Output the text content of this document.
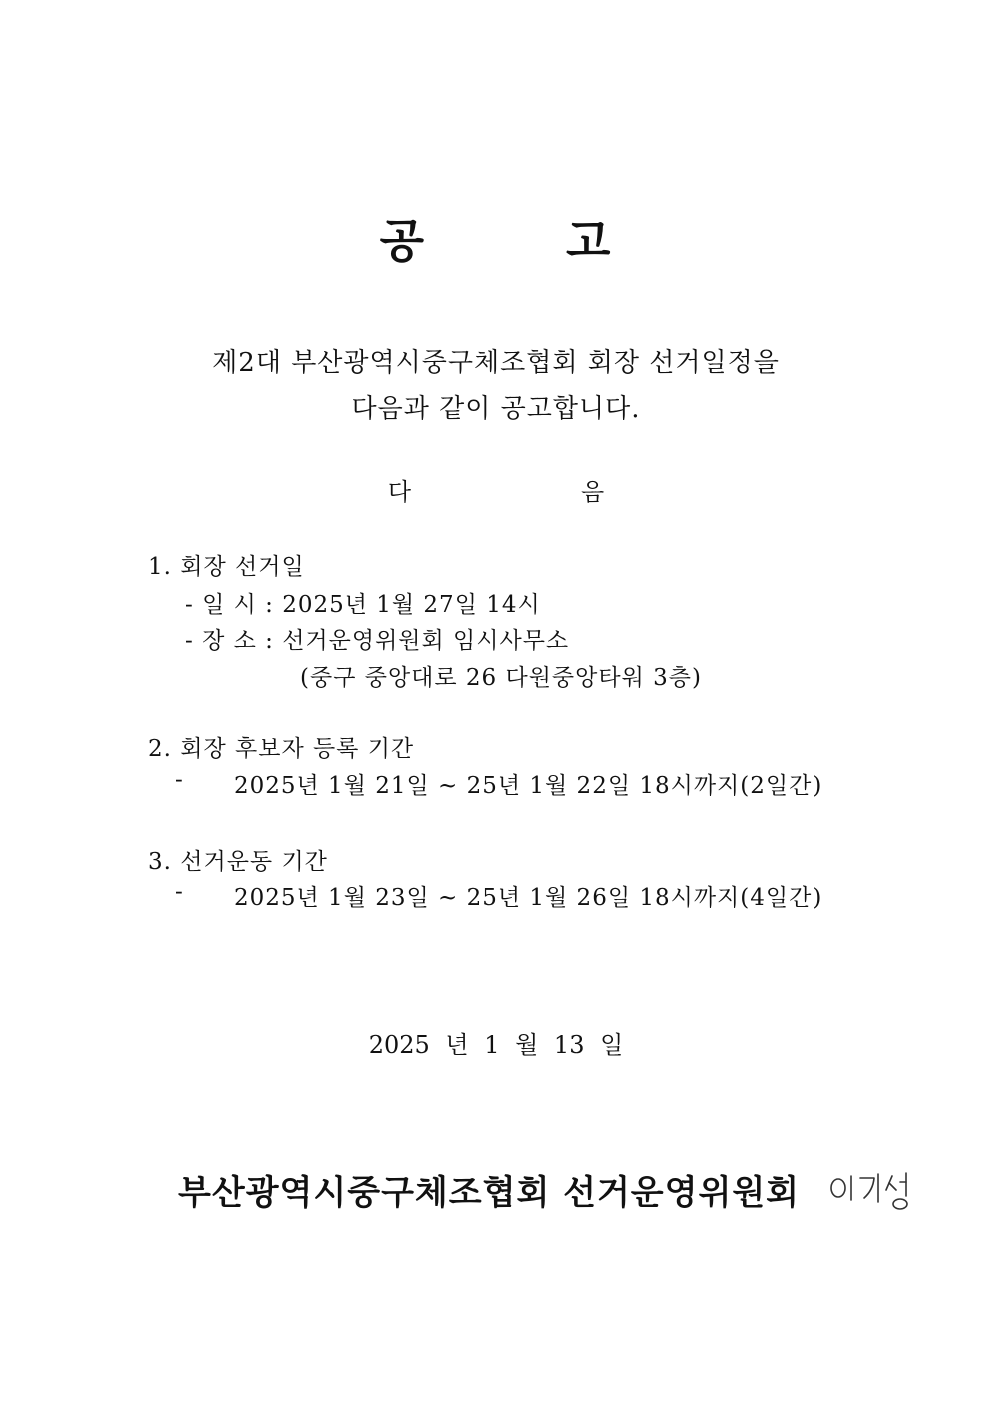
공	고
제2대 부산광역시중구체조협회 회장 선거일정을
다음과 같이 공고합니다.
다	음
1. 회장 선거일
- 일 시 : 2025년 1월 27일 14시
- 장 소 : 선거운영위원회 임시사무소
(중구 중앙대로 26 다원중앙타워 3층)
2. 회장 후보자 등록 기간
- 2025년 1월 21일 ~ 25년 1월 22일 18시까지(2일간)
3. 선거운동 기간
- 2025년 1월 23일 ~ 25년 1월 26일 18시까지(4일간)
2025 년 1 월 13 일
부산광역시중구체조협회 선거운영위원회
